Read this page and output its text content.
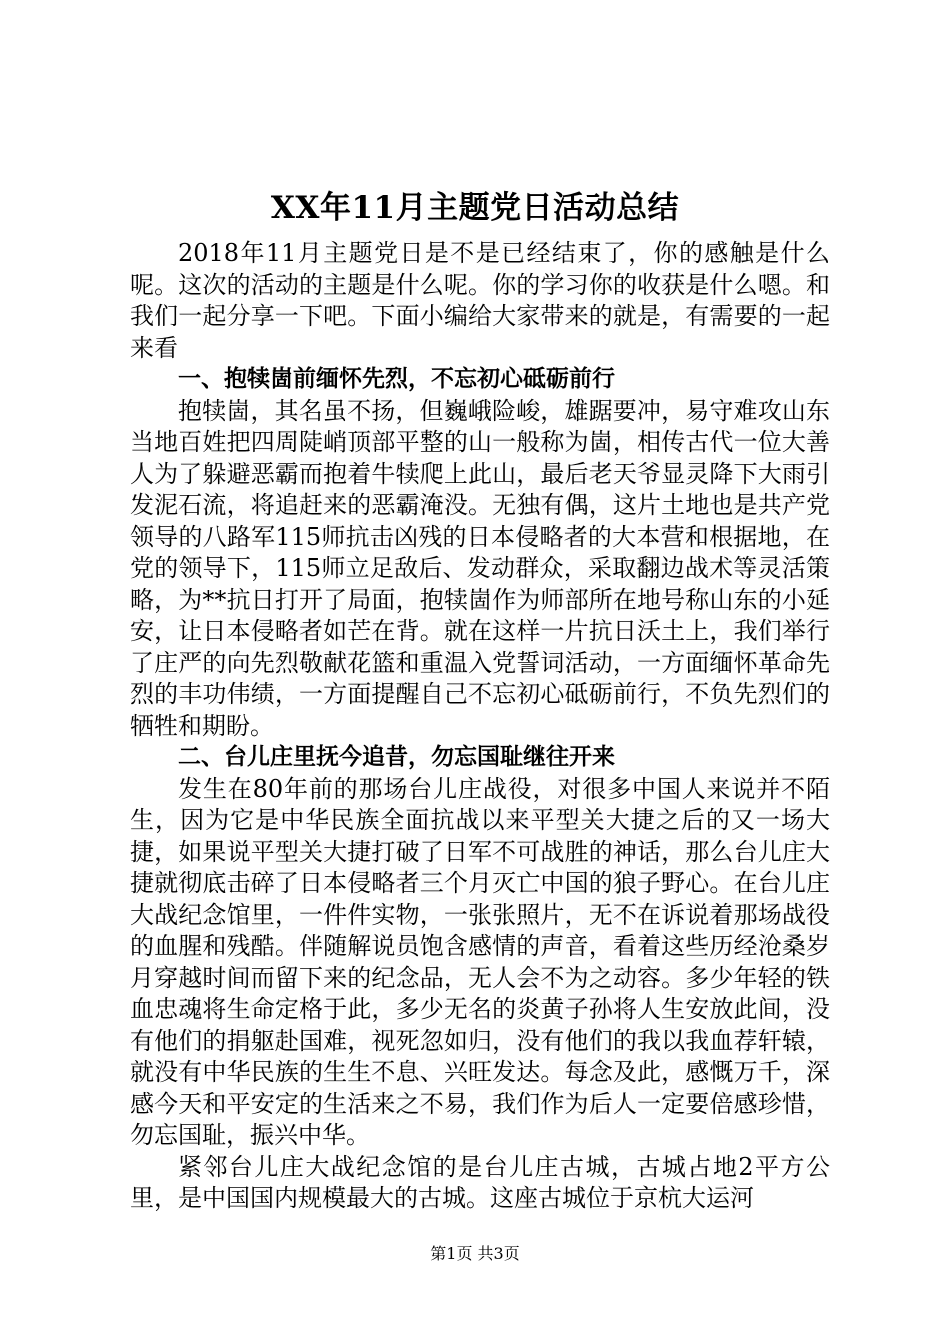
XX年11月主题党日活动总结

2018年11月主题党日是不是已经结束了，你的感触是什么呢。这次的活动的主题是什么呢。你的学习你的收获是什么嗯。和我们一起分享一下吧。下面小编给大家带来的就是，有需要的一起来看

一、抱犊崮前缅怀先烈，不忘初心砥砺前行

抱犊崮，其名虽不扬，但巍峨险峻，雄踞要冲，易守难攻山东当地百姓把四周陡峭顶部平整的山一般称为崮，相传古代一位大善人为了躲避恶霸而抱着牛犊爬上此山，最后老天爷显灵降下大雨引发泥石流，将追赶来的恶霸淹没。无独有偶，这片土地也是共产党领导的八路军115师抗击凶残的日本侵略者的大本营和根据地，在党的领导下，115师立足敌后、发动群众，采取翻边战术等灵活策略，为**抗日打开了局面，抱犊崮作为师部所在地号称山东的小延安，让日本侵略者如芒在背。就在这样一片抗日沃土上，我们举行了庄严的向先烈敬献花篮和重温入党誓词活动，一方面缅怀革命先烈的丰功伟绩，一方面提醒自己不忘初心砥砺前行，不负先烈们的牺牲和期盼。

二、台儿庄里抚今追昔，勿忘国耻继往开来

发生在80年前的那场台儿庄战役，对很多中国人来说并不陌生，因为它是中华民族全面抗战以来平型关大捷之后的又一场大捷，如果说平型关大捷打破了日军不可战胜的神话，那么台儿庄大捷就彻底击碎了日本侵略者三个月灭亡中国的狼子野心。在台儿庄大战纪念馆里，一件件实物，一张张照片，无不在诉说着那场战役的血腥和残酷。伴随解说员饱含感情的声音，看着这些历经沧桑岁月穿越时间而留下来的纪念品，无人会不为之动容。多少年轻的铁血忠魂将生命定格于此，多少无名的炎黄子孙将人生安放此间，没有他们的捐躯赴国难，视死忽如归，没有他们的我以我血荐轩辕，就没有中华民族的生生不息、兴旺发达。每念及此，感慨万千，深感今天和平安定的生活来之不易，我们作为后人一定要倍感珍惜，勿忘国耻，振兴中华。

紧邻台儿庄大战纪念馆的是台儿庄古城，古城占地2平方公里，是中国国内规模最大的古城。这座古城位于京杭大运河

第1页 共3页
